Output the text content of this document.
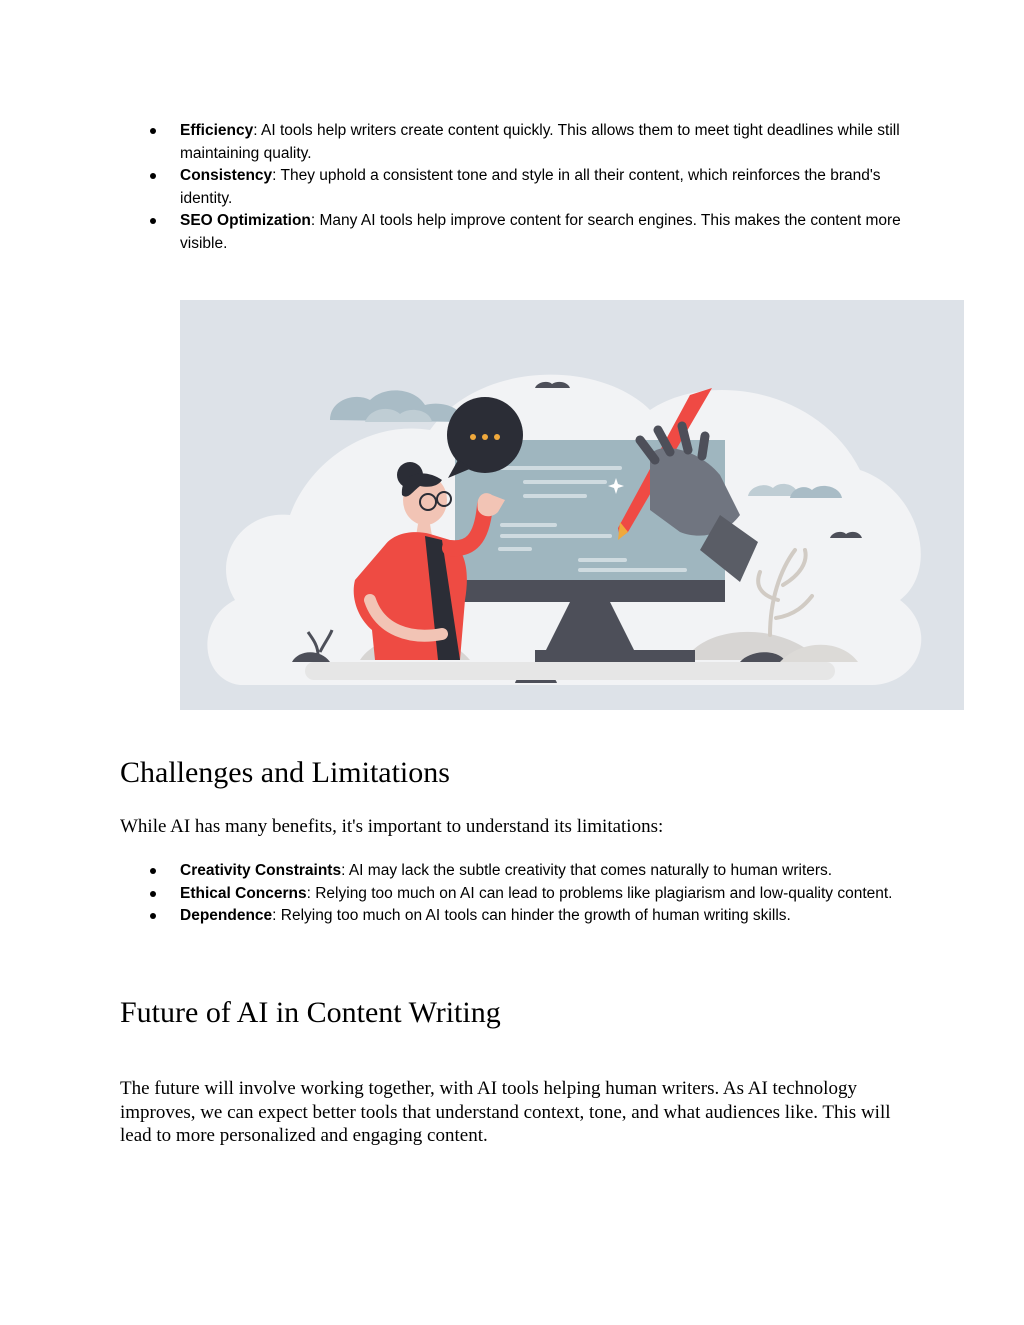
Efficiency: AI tools help writers create content quickly. This allows them to meet tight deadlines while still maintaining quality.
Consistency: They uphold a consistent tone and style in all their content, which reinforces the brand's identity.
SEO Optimization: Many AI tools help improve content for search engines. This makes the content more visible.
Challenges and Limitations

While AI has many benefits, it's important to understand its limitations:

Creativity Constraints: AI may lack the subtle creativity that comes naturally to human writers.
Ethical Concerns: Relying too much on AI can lead to problems like plagiarism and low-quality content.
Dependence: Relying too much on AI tools can hinder the growth of human writing skills.
Future of AI in Content Writing

The future will involve working together, with AI tools helping human writers. As AI technology improves, we can expect better tools that understand context, tone, and what audiences like. This will lead to more personalized and engaging content.
